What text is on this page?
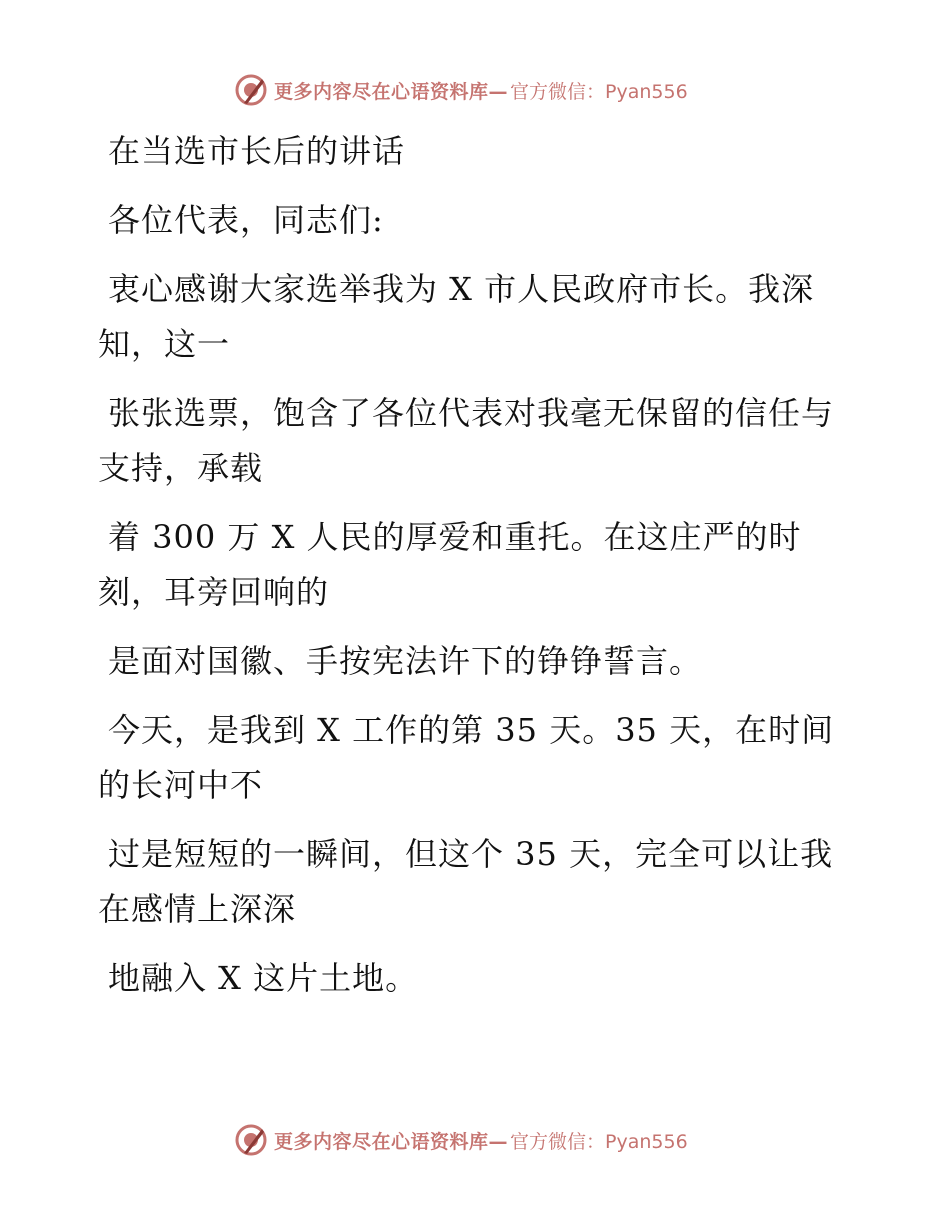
更多内容尽在心语资料库— 官方微信：Pyan556

在当选市长后的讲话

各位代表，同志们:

衷心感谢大家选举我为 X 市人民政府市长。我深知，这一

张张选票，饱含了各位代表对我毫无保留的信任与支持，承载

着 300 万 X 人民的厚爱和重托。在这庄严的时刻，耳旁回响的

是面对国徽、手按宪法许下的铮铮誓言。

今天，是我到 X 工作的第 35 天。35 天，在时间的长河中不

过是短短的一瞬间，但这个 35 天，完全可以让我在感情上深深

地融入 X 这片土地。

更多内容尽在心语资料库— 官方微信：Pyan556
